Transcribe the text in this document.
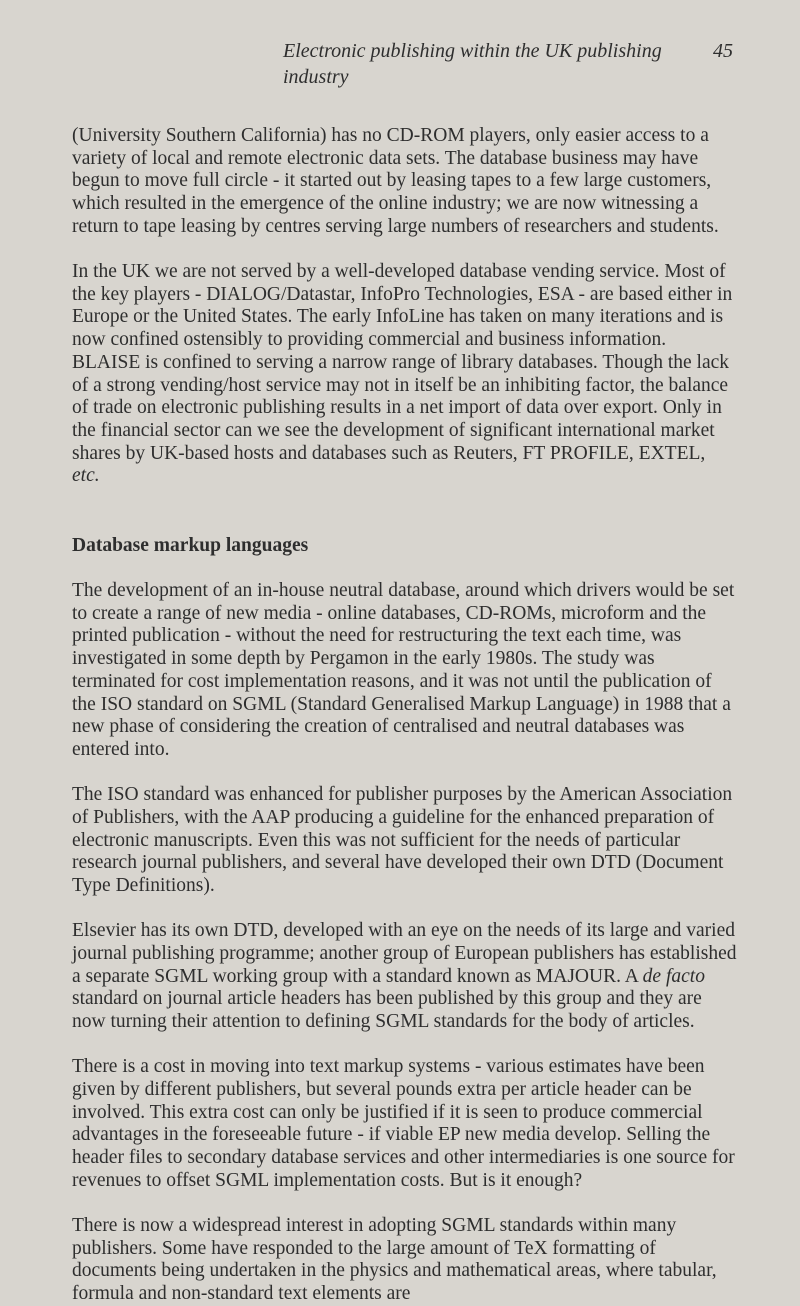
Electronic publishing within the UK publishing industry
45

(University Southern California) has no CD-ROM players, only easier access to a variety of local and remote electronic data sets. The database business may have begun to move full circle - it started out by leasing tapes to a few large customers, which resulted in the emergence of the online industry; we are now witnessing a return to tape leasing by centres serving large numbers of researchers and students.

In the UK we are not served by a well-developed database vending service. Most of the key players - DIALOG/Datastar, InfoPro Technologies, ESA - are based either in Europe or the United States. The early InfoLine has taken on many iterations and is now confined ostensibly to providing commercial and business information. BLAISE is confined to serving a narrow range of library databases. Though the lack of a strong vending/host service may not in itself be an inhibiting factor, the balance of trade on electronic publishing results in a net import of data over export. Only in the financial sector can we see the development of significant international market shares by UK-based hosts and databases such as Reuters, FT PROFILE, EXTEL, etc.

Database markup languages

The development of an in-house neutral database, around which drivers would be set to create a range of new media - online databases, CD-ROMs, microform and the printed publication - without the need for restructuring the text each time, was investigated in some depth by Pergamon in the early 1980s. The study was terminated for cost implementation reasons, and it was not until the publication of the ISO standard on SGML (Standard Generalised Markup Language) in 1988 that a new phase of considering the creation of centralised and neutral databases was entered into.

The ISO standard was enhanced for publisher purposes by the American Association of Publishers, with the AAP producing a guideline for the enhanced preparation of electronic manuscripts. Even this was not sufficient for the needs of particular research journal publishers, and several have developed their own DTD (Document Type Definitions).

Elsevier has its own DTD, developed with an eye on the needs of its large and varied journal publishing programme; another group of European publishers has established a separate SGML working group with a standard known as MAJOUR. A de facto standard on journal article headers has been published by this group and they are now turning their attention to defining SGML standards for the body of articles.

There is a cost in moving into text markup systems - various estimates have been given by different publishers, but several pounds extra per article header can be involved. This extra cost can only be justified if it is seen to produce commercial advantages in the foreseeable future - if viable EP new media develop. Selling the header files to secondary database services and other intermediaries is one source for revenues to offset SGML implementation costs. But is it enough?

There is now a widespread interest in adopting SGML standards within many publishers. Some have responded to the large amount of TeX formatting of documents being undertaken in the physics and mathematical areas, where tabular, formula and non-standard text elements are
